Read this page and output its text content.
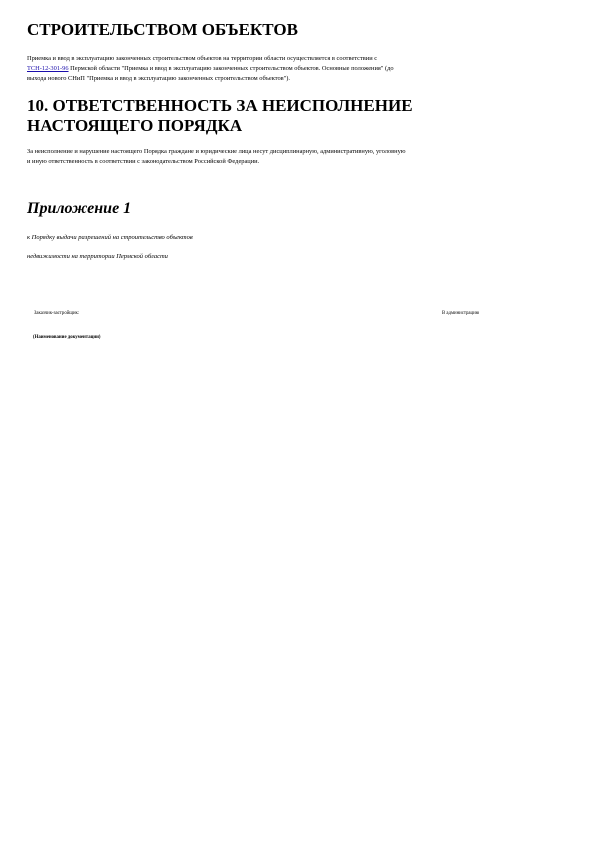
СТРОИТЕЛЬСТВОМ ОБЪЕКТОВ

Приемка и ввод в эксплуатацию законченных строительством объектов на территории области осуществляется в соответствии с
ТСН-12-301-96 Пермской области "Приемка и ввод в эксплуатацию законченных строительством объектов. Основные положения" (до
выхода нового СНиП "Приемка и ввод в эксплуатацию законченных строительством объектов").

10. ОТВЕТСТВЕННОСТЬ ЗА НЕИСПОЛНЕНИЕ
НАСТОЯЩЕГО ПОРЯДКА

За неисполнение и нарушение настоящего Порядка граждане и юридические лица несут дисциплинарную, административную, уголовную
и иную ответственность в соответствии с законодательством Российской Федерации.

Приложение 1
к Порядку выдачи разрешений на строительство объектов
недвижимости на территории Пермской области
Заказчик-застройщик:	В администрацию
(Наименование документации)
